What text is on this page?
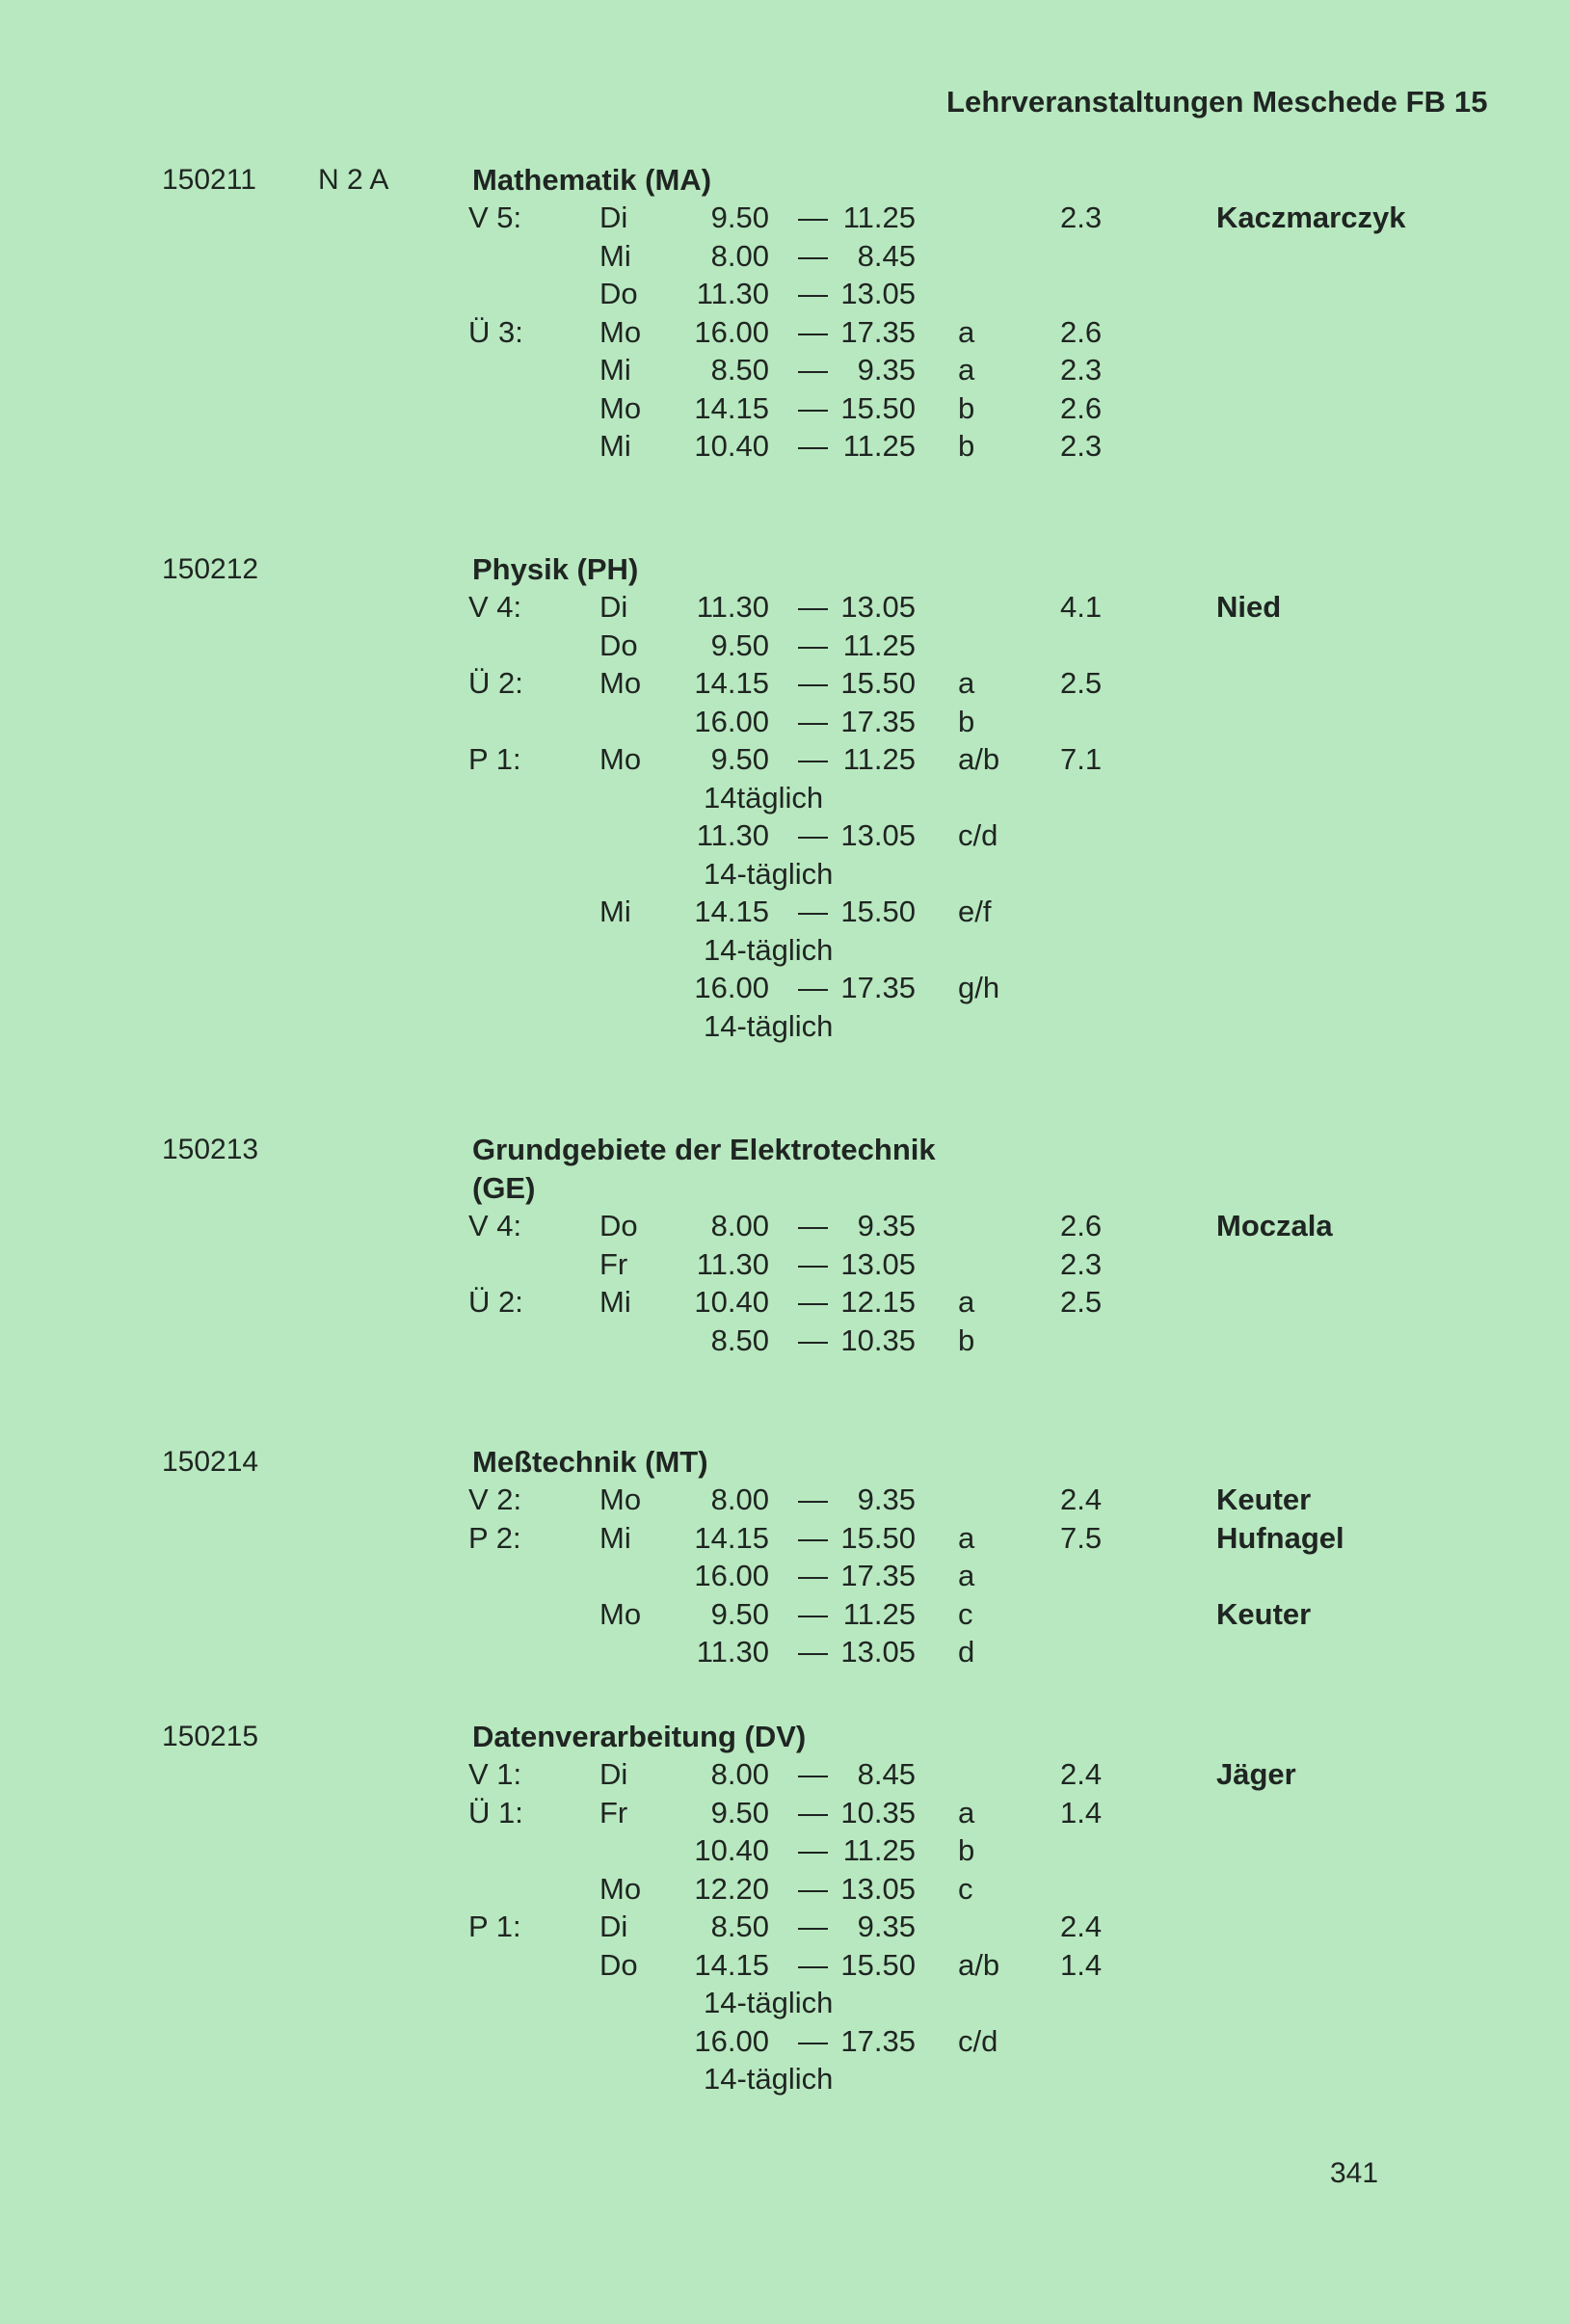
Lehrveranstaltungen Meschede FB 15
150211 N 2 A	Mathematik (MA)
V 5:	Di	9.50 — 11.25	2.3	Kaczmarczyk
Mi	8.00 — 8.45
Do	11.30 — 13.05
Ü 3:	Mo	16.00 — 17.35 a	2.6
Mi	8.50 — 9.35 a	2.3
Mo	14.15 — 15.50 b	2.6
Mi	10.40 — 11.25 b	2.3
150212	Physik (PH)
V 4:	Di	11.30 — 13.05	4.1	Nied
Do	9.50 — 11.25
Ü 2:	Mo	14.15 — 15.50 a	2.5
16.00 — 17.35 b
P 1:	Mo	9.50 — 11.25 a/b 7.1
14täglich
11.30 — 13.05 c/d
14-täglich
Mi	14.15 — 15.50 e/f
14-täglich
16.00 — 17.35 g/h
14-täglich
150213	Grundgebiete der Elektrotechnik
(GE)
V 4:	Do	8.00 — 9.35	2.6	Moczala
Fr	11.30 — 13.05	2.3
Ü 2:	Mi	10.40 — 12.15 a	2.5
8.50 — 10.35 b
150214	Meßtechnik (MT)
V 2:	Mo	8.00 — 9.35	2.4	Keuter
P 2:	Mi	14.15 — 15.50 a	7.5	Hufnagel
16.00 — 17.35 a
Mo	9.50 — 11.25 c	Keuter
11.30 — 13.05 d
150215	Datenverarbeitung (DV)
V 1:	Di	8.00 — 8.45	2.4	Jäger
Ü 1:	Fr	9.50 — 10.35 a	1.4
10.40 — 11.25 b
Mo	12.20 — 13.05 c
P 1:	Di	8.50 — 9.35	2.4
Do	14.15 — 15.50 a/b 1.4
14-täglich
16.00 — 17.35 c/d
14-täglich
341
